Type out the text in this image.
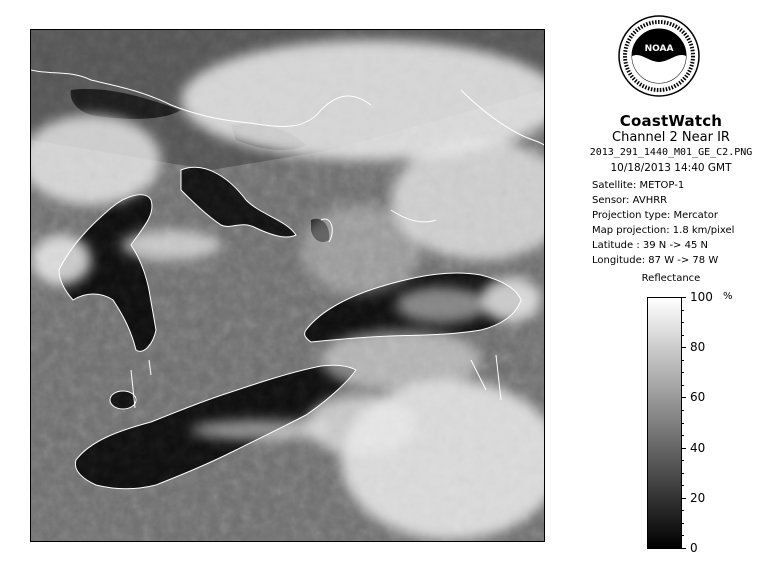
NOAA
CoastWatch
Channel 2 Near IR
2013_291_1440_M01_GE_C2.PNG
10/18/2013 14:40 GMT
Satellite: METOP-1
Sensor: AVHRR
Projection type: Mercator
Map projection: 1.8 km/pixel
Latitude : 39 N -> 45 N
Longitude: 87 W -> 78 W
Reflectance
%
100
80
60
40
20
0
